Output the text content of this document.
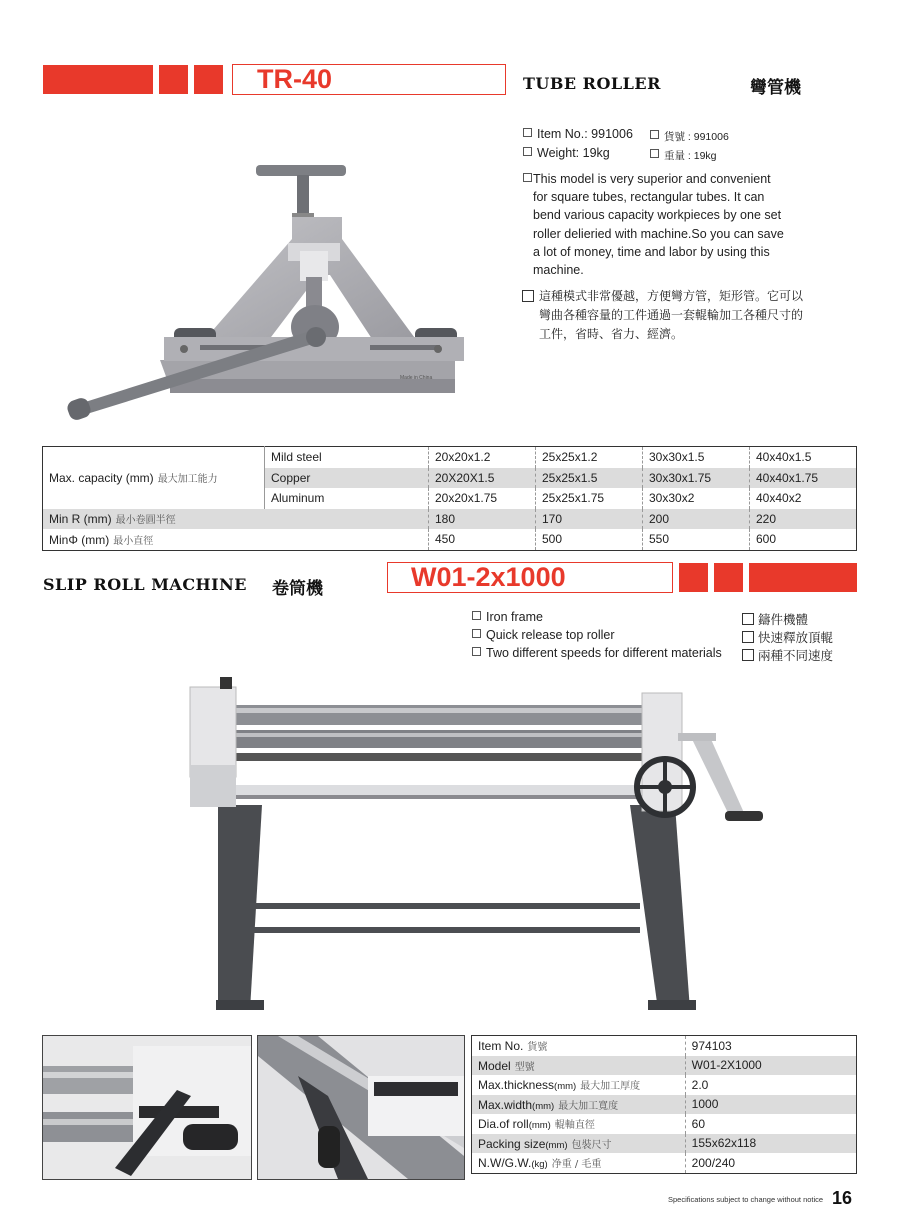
TR-40	TUBE ROLLER	彎管機
Item No.: 991006	貨號 : 991006
Weight: 19kg	重量 : 19kg
This model is very superior and convenient
for square tubes, rectangular tubes. It can
bend various capacity workpieces by one set
roller delieried with machine.So you can save
a lot of money, time and labor by using this
machine.
這種模式非常優越，方便彎方管，矩形管。它可以
彎曲各種容量的工件通過一套輥輪加工各種尺寸的
工件，省時、省力、經濟。
Made in China
Max. capacity (mm) 最大加工能力	Mild steel	20x20x1.2	25x25x1.2	30x30x1.5	40x40x1.5
	Copper	20X20X1.5	25x25x1.5	30x30x1.75	40x40x1.75
	Aluminum	20x20x1.75	25x25x1.75	30x30x2	40x40x2
Min R (mm) 最小卷圓半徑		180	170	200	220
MinΦ (mm) 最小直徑		450	500	550	600
SLIP ROLL MACHINE 卷筒機	W01-2x1000
Iron frame
Quick release top roller
Two different speeds for different materials
鑄件機體
快速釋放頂輥
兩種不同速度
Item No. 貨號	974103
Model 型號	W01-2X1000
Max.thickness(mm) 最大加工厚度	2.0
Max.width(mm) 最大加工寬度	1000
Dia.of roll(mm) 輥軸直徑	60
Packing size(mm) 包裝尺寸	155x62x118
N.W/G.W.(kg) 净重 / 毛重	200/240
Specifications subject to change without notice 16
